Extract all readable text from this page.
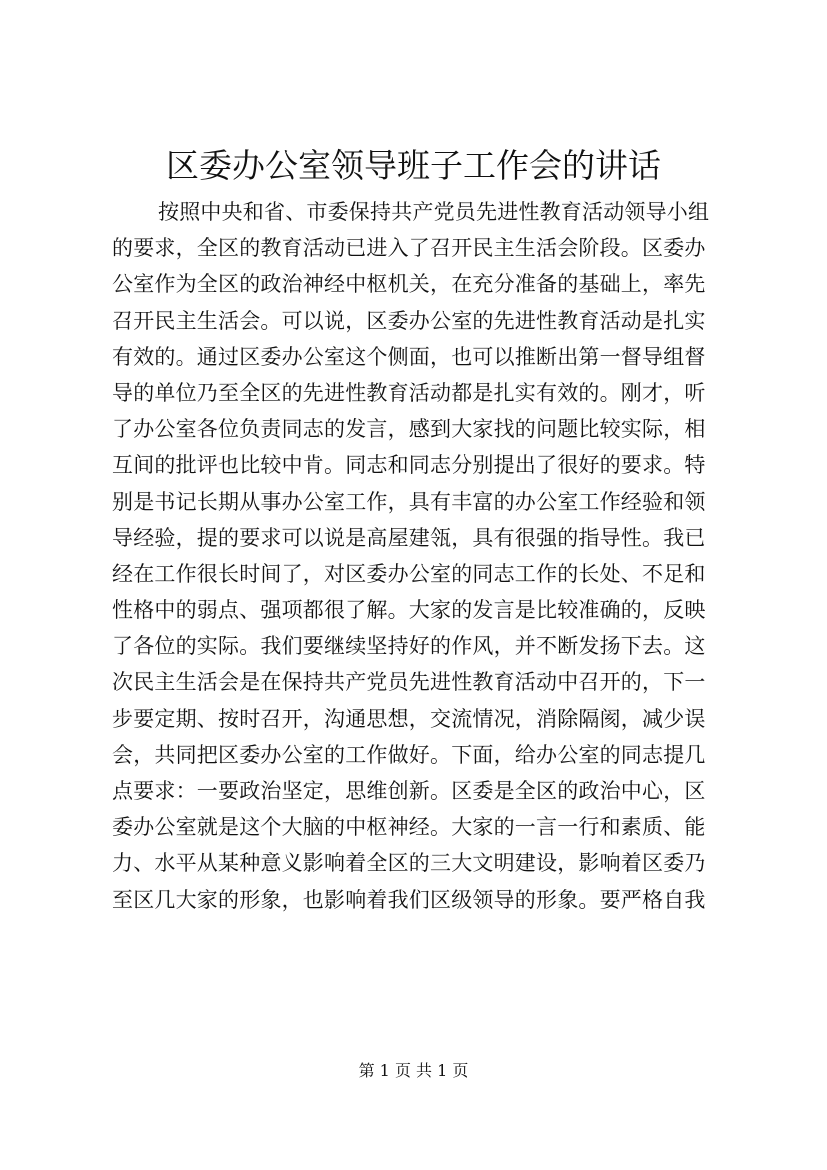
区委办公室领导班子工作会的讲话
按照中央和省、市委保持共产党员先进性教育活动领导小组
的要求，全区的教育活动已进入了召开民主生活会阶段。区委办
公室作为全区的政治神经中枢机关，在充分准备的基础上，率先
召开民主生活会。可以说，区委办公室的先进性教育活动是扎实
有效的。通过区委办公室这个侧面，也可以推断出第一督导组督
导的单位乃至全区的先进性教育活动都是扎实有效的。刚才，听
了办公室各位负责同志的发言，感到大家找的问题比较实际，相
互间的批评也比较中肯。同志和同志分别提出了很好的要求。特
别是书记长期从事办公室工作，具有丰富的办公室工作经验和领
导经验，提的要求可以说是高屋建瓴，具有很强的指导性。我已
经在工作很长时间了，对区委办公室的同志工作的长处、不足和
性格中的弱点、强项都很了解。大家的发言是比较准确的，反映
了各位的实际。我们要继续坚持好的作风，并不断发扬下去。这
次民主生活会是在保持共产党员先进性教育活动中召开的，下一
步要定期、按时召开，沟通思想，交流情况，消除隔阂，减少误
会，共同把区委办公室的工作做好。下面，给办公室的同志提几
点要求：一要政治坚定，思维创新。区委是全区的政治中心，区
委办公室就是这个大脑的中枢神经。大家的一言一行和素质、能
力、水平从某种意义影响着全区的三大文明建设，影响着区委乃
至区几大家的形象，也影响着我们区级领导的形象。要严格自我
第 1 页 共 1 页
